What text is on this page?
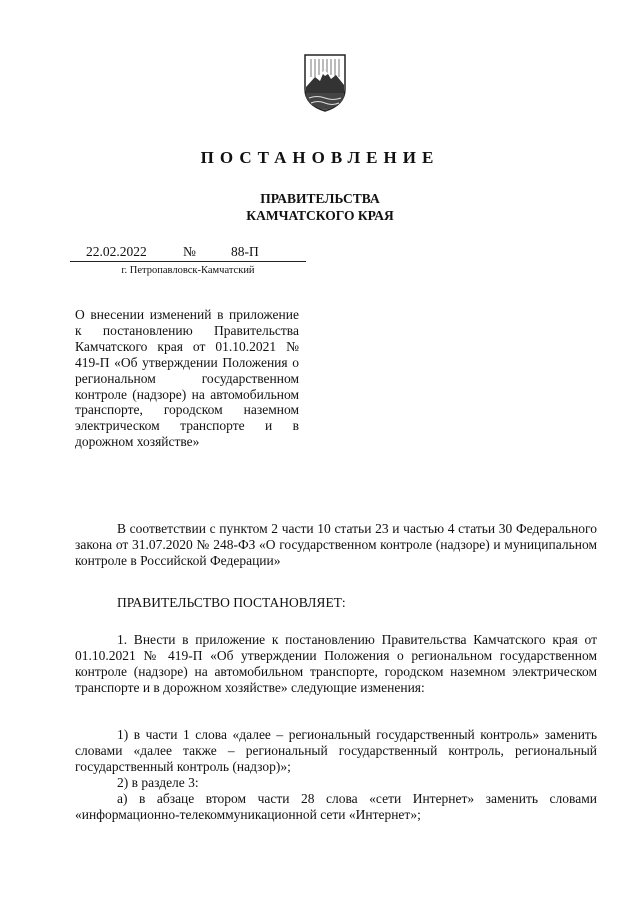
ПОСТАНОВЛЕНИЕ
ПРАВИТЕЛЬСТВА
КАМЧАТСКОГО КРАЯ
22.02.2022	№	88-П
г. Петропавловск-Камчатский

О внесении изменений в приложение к постановлению Правительства Камчатского края от 01.10.2021 № 419-П «Об утверждении Положения о региональном государственном контроле (надзоре) на автомобильном транспорте, городском наземном электрическом транспорте и в дорожном хозяйстве»

В соответствии с пунктом 2 части 10 статьи 23 и частью 4 статьи 30 Федерального закона от 31.07.2020 № 248-ФЗ «О государственном контроле (надзоре) и муниципальном контроле в Российской Федерации»

ПРАВИТЕЛЬСТВО ПОСТАНОВЛЯЕТ:

1. Внести в приложение к постановлению Правительства Камчатского края от 01.10.2021 № 419-П «Об утверждении Положения о региональном государственном контроле (надзоре) на автомобильном транспорте, городском наземном электрическом транспорте и в дорожном хозяйстве» следующие изменения:

1) в части 1 слова «далее – региональный государственный контроль» заменить словами «далее также – региональный государственный контроль, региональный государственный контроль (надзор)»;

2) в разделе 3:

а) в абзаце втором части 28 слова «сети Интернет» заменить словами «информационно-телекоммуникационной сети «Интернет»;
